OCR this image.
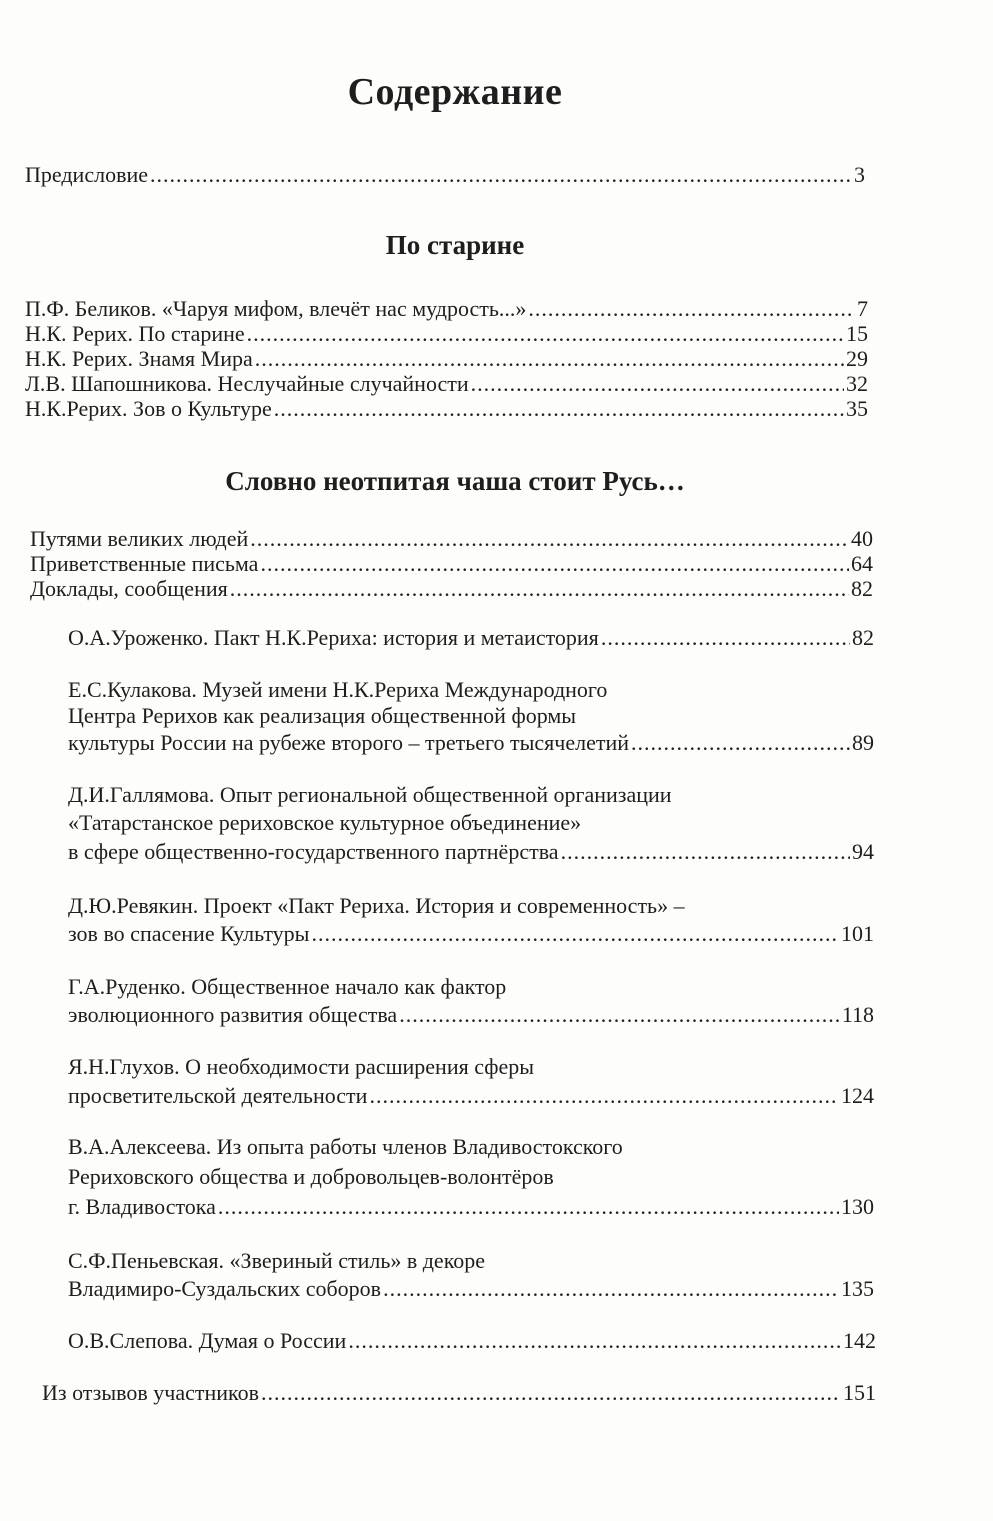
Содержание
Предисловие .....	3
По старине
П.Ф. Беликов. «Чаруя мифом, влечёт нас мудрость...» .....	7
Н.К. Рерих. По старине .....	15
Н.К. Рерих. Знамя Мира .....	29
Л.В. Шапошникова. Неслучайные случайности .....	32
Н.К.Рерих. Зов о Культуре .....	35
Словно неотпитая чаша стоит Русь…
Путями великих людей .....	40
Приветственные письма .....	64
Доклады, сообщения .....	82
О.А.Уроженко. Пакт Н.К.Рериха: история и метаистория .....	82
Е.С.Кулакова. Музей имени Н.К.Рериха Международного
Центра Рерихов как реализация общественной формы
культуры России на рубеже второго – третьего тысячелетий .....	89
Д.И.Галлямова. Опыт региональной общественной организации
«Татарстанское рериховское культурное объединение»
в сфере общественно-государственного партнёрства .....	94
Д.Ю.Ревякин. Проект «Пакт Рериха. История и современность» –
зов во спасение Культуры .....	101
Г.А.Руденко. Общественное начало как фактор
эволюционного развития общества .....	118
Я.Н.Глухов. О необходимости расширения сферы
просветительской деятельности .....	124
В.А.Алексеева. Из опыта работы членов Владивостокского
Рериховского общества и добровольцев-волонтёров
г. Владивостока .....	130
С.Ф.Пеньевская. «Звериный стиль» в декоре
Владимиро-Суздальских соборов .....	135
О.В.Слепова. Думая о России .....	142
Из отзывов участников .....	151
